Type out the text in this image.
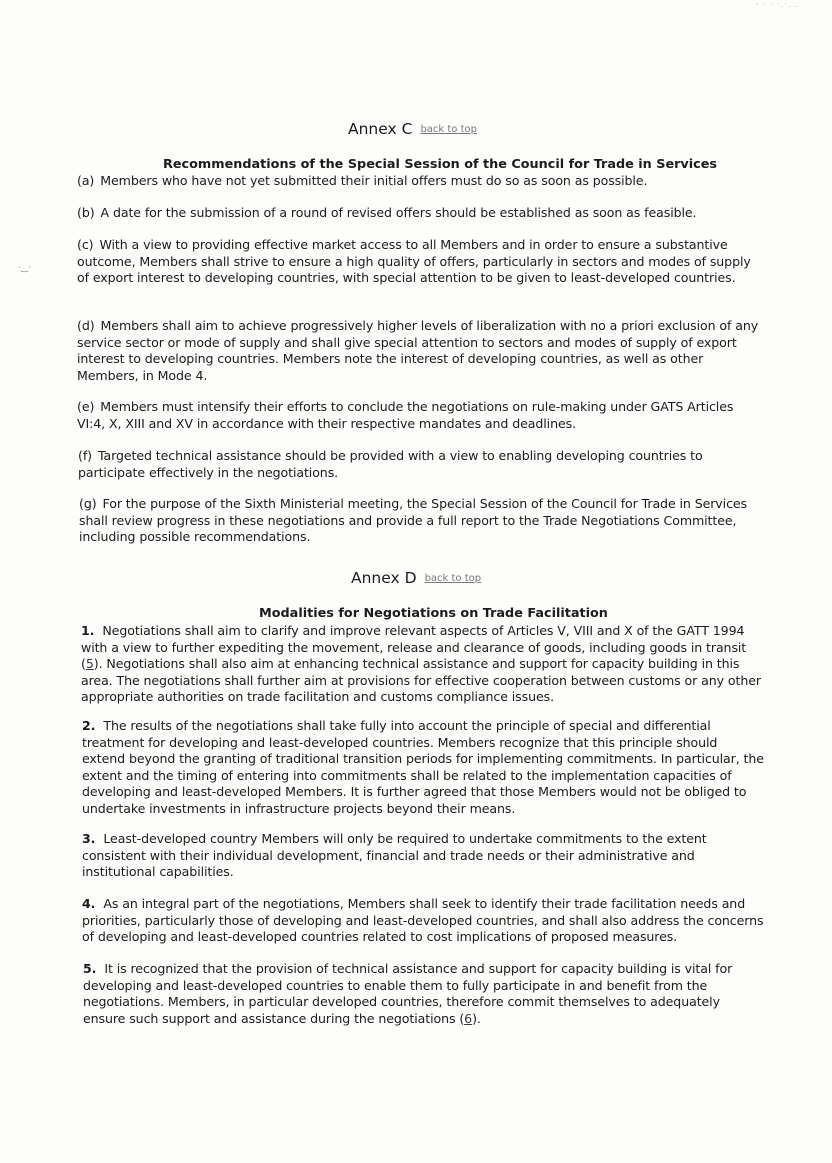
·‿·
· · · ·.·. .
Annex C back to top
Recommendations of the Special Session of the Council for Trade in Services

(a) Members who have not yet submitted their initial offers must do so as soon as possible.

(b) A date for the submission of a round of revised offers should be established as soon as feasible.

(c) With a view to providing effective market access to all Members and in order to ensure a substantive outcome, Members shall strive to ensure a high quality of offers, particularly in sectors and modes of supply of export interest to developing countries, with special attention to be given to least-developed countries.

(d) Members shall aim to achieve progressively higher levels of liberalization with no a priori exclusion of any service sector or mode of supply and shall give special attention to sectors and modes of supply of export interest to developing countries. Members note the interest of developing countries, as well as other Members, in Mode 4.

(e) Members must intensify their efforts to conclude the negotiations on rule-making under GATS Articles VI:4, X, XIII and XV in accordance with their respective mandates and deadlines.

(f) Targeted technical assistance should be provided with a view to enabling developing countries to participate effectively in the negotiations.

(g) For the purpose of the Sixth Ministerial meeting, the Special Session of the Council for Trade in Services shall review progress in these negotiations and provide a full report to the Trade Negotiations Committee, including possible recommendations.

Annex D back to top
Modalities for Negotiations on Trade Facilitation

1. Negotiations shall aim to clarify and improve relevant aspects of Articles V, VIII and X of the GATT 1994 with a view to further expediting the movement, release and clearance of goods, including goods in transit (5). Negotiations shall also aim at enhancing technical assistance and support for capacity building in this area. The negotiations shall further aim at provisions for effective cooperation between customs or any other appropriate authorities on trade facilitation and customs compliance issues.

2. The results of the negotiations shall take fully into account the principle of special and differential treatment for developing and least-developed countries. Members recognize that this principle should extend beyond the granting of traditional transition periods for implementing commitments. In particular, the extent and the timing of entering into commitments shall be related to the implementation capacities of developing and least-developed Members. It is further agreed that those Members would not be obliged to undertake investments in infrastructure projects beyond their means.

3. Least-developed country Members will only be required to undertake commitments to the extent consistent with their individual development, financial and trade needs or their administrative and institutional capabilities.

4. As an integral part of the negotiations, Members shall seek to identify their trade facilitation needs and priorities, particularly those of developing and least-developed countries, and shall also address the concerns of developing and least-developed countries related to cost implications of proposed measures.

5. It is recognized that the provision of technical assistance and support for capacity building is vital for developing and least-developed countries to enable them to fully participate in and benefit from the negotiations. Members, in particular developed countries, therefore commit themselves to adequately ensure such support and assistance during the negotiations (6).
